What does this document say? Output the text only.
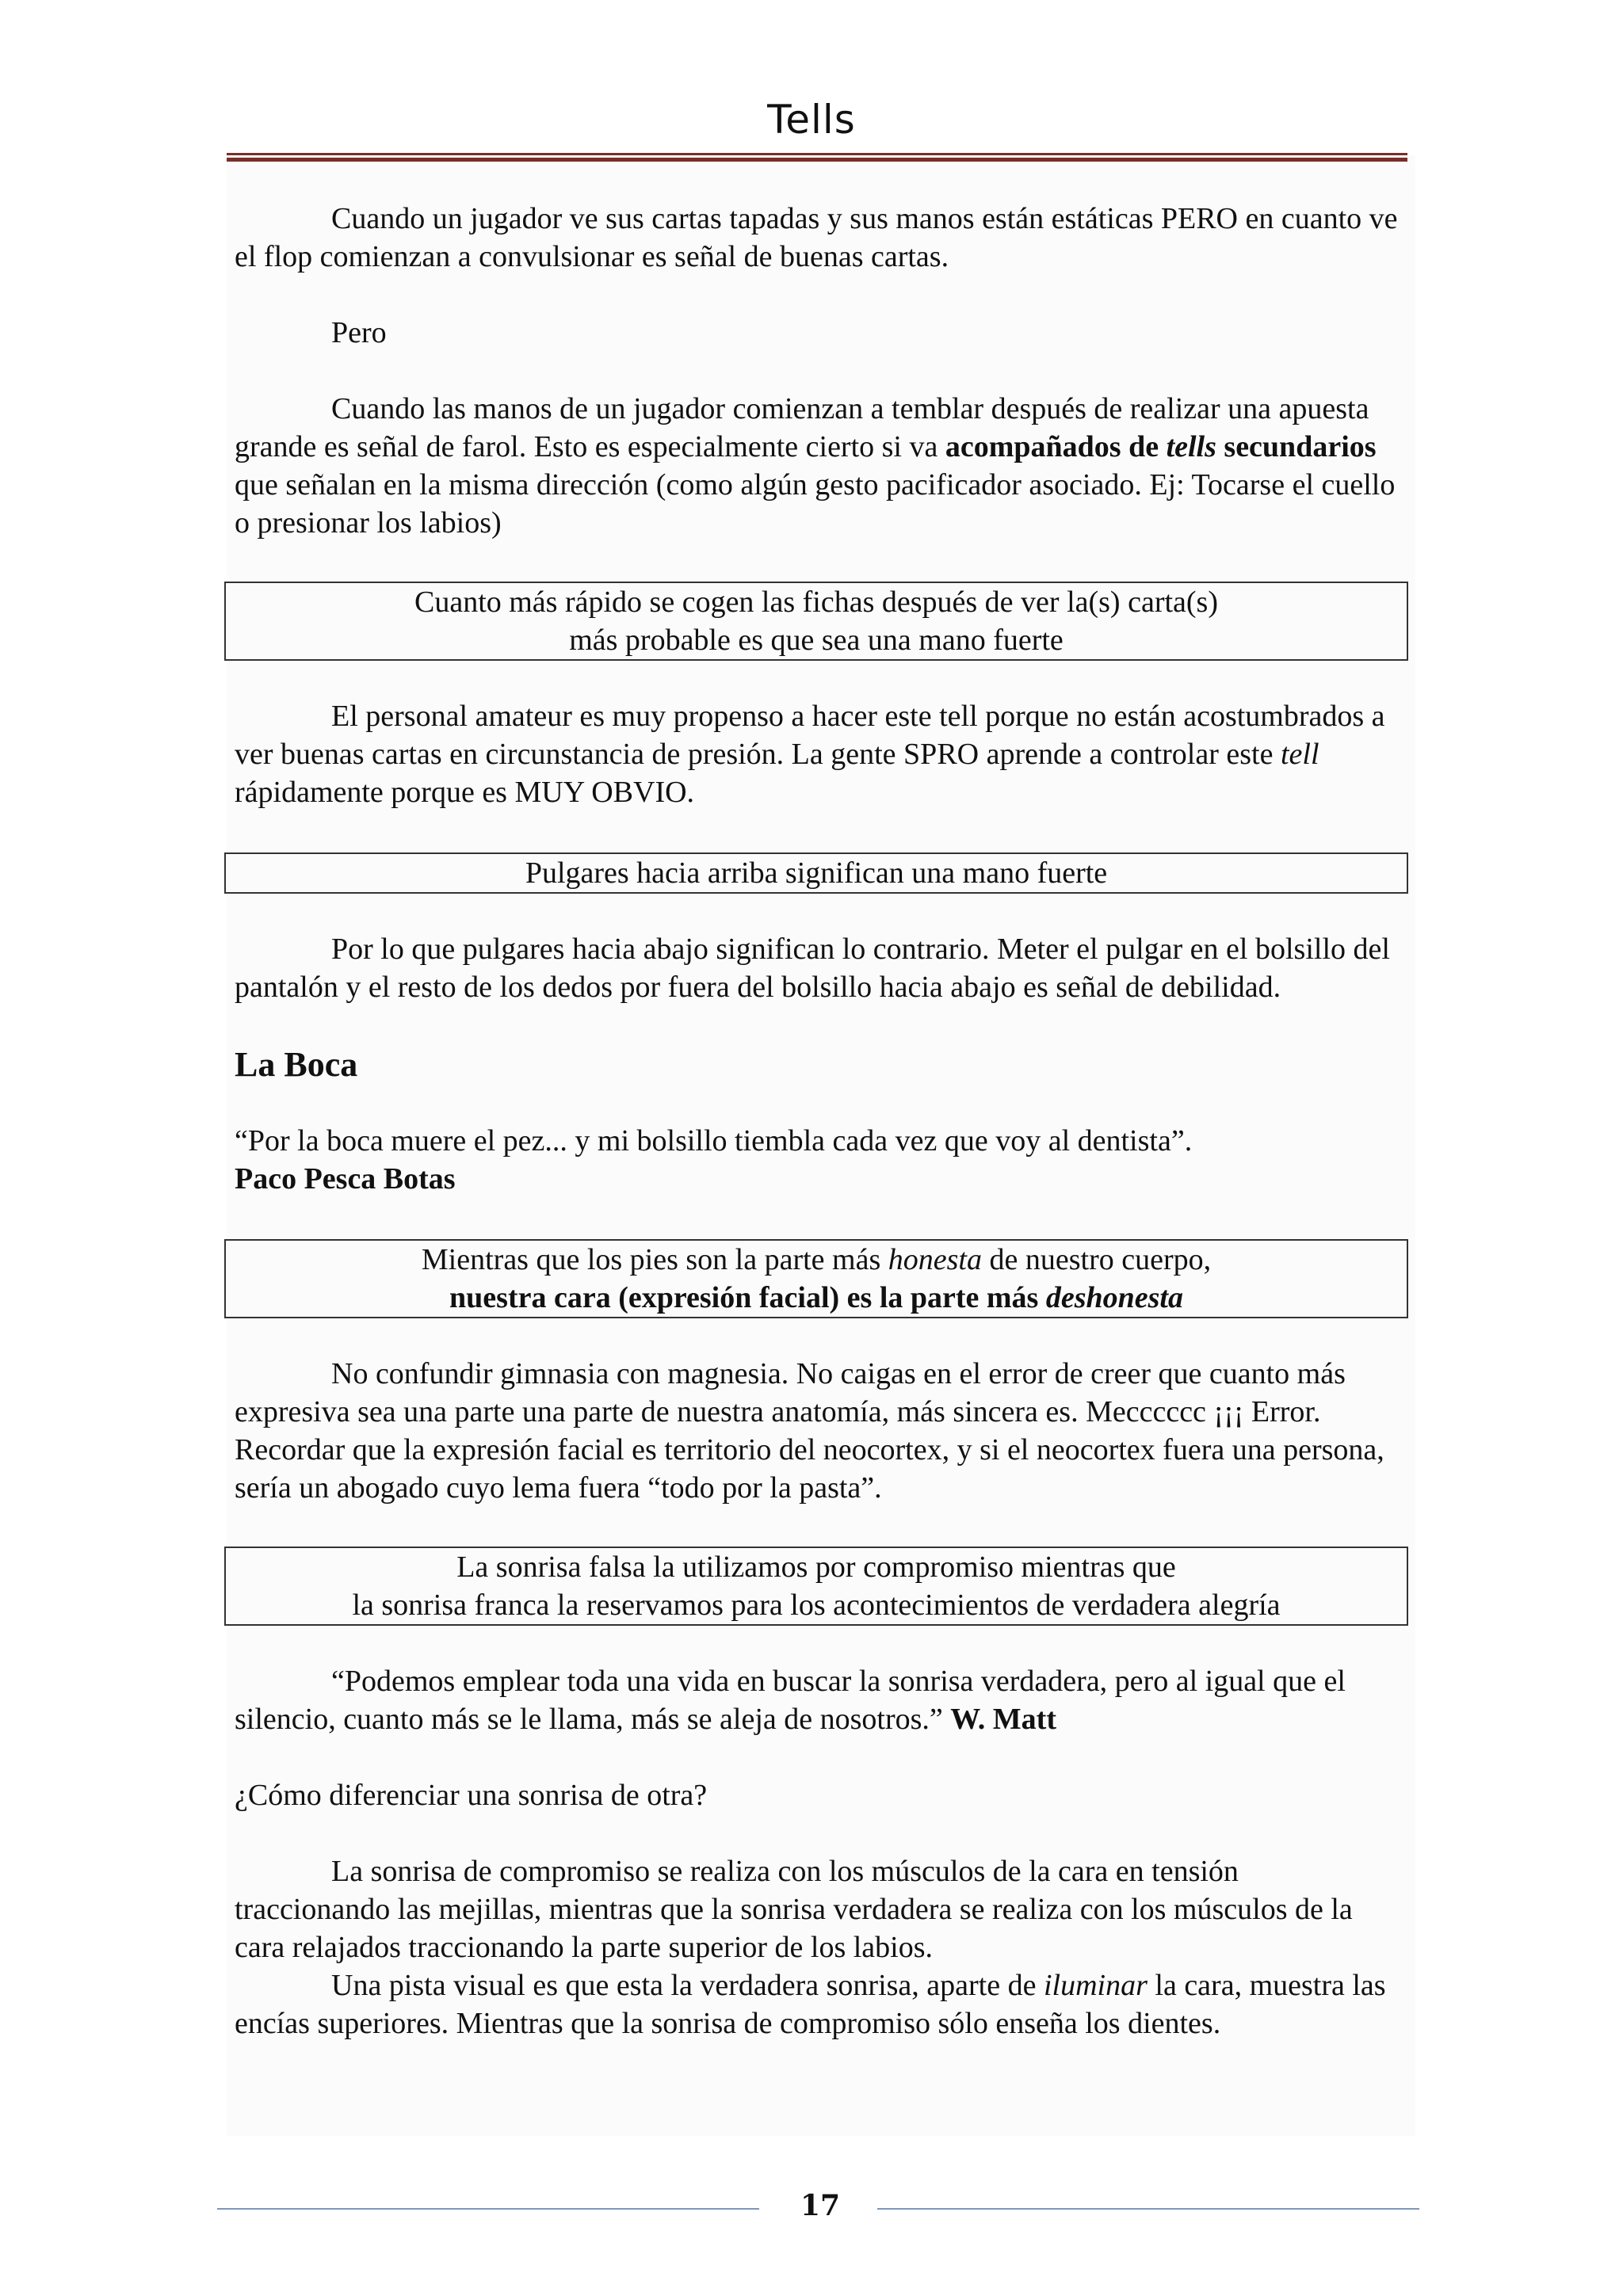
Tells

Cuando un jugador ve sus cartas tapadas y sus manos están estáticas PERO en cuanto ve el flop comienzan a convulsionar es señal de buenas cartas.

Pero

Cuando las manos de un jugador comienzan a temblar después de realizar una apuesta grande es señal de farol. Esto es especialmente cierto si va acompañados de tells secundarios que señalan en la misma dirección (como algún gesto pacificador asociado. Ej: Tocarse el cuello o presionar los labios)

Cuanto más rápido se cogen las fichas después de ver la(s) carta(s)
más probable es que sea una mano fuerte

El personal amateur es muy propenso a hacer este tell porque no están acostumbrados a ver buenas cartas en circunstancia de presión. La gente SPRO aprende a controlar este tell rápidamente porque es MUY OBVIO.

Pulgares hacia arriba significan una mano fuerte

Por lo que pulgares hacia abajo significan lo contrario. Meter el pulgar en el bolsillo del pantalón y el resto de los dedos por fuera del bolsillo hacia abajo es señal de debilidad.

La Boca

“Por la boca muere el pez... y mi bolsillo tiembla cada vez que voy al dentista”.

Paco Pesca Botas

Mientras que los pies son la parte más honesta de nuestro cuerpo,
nuestra cara (expresión facial) es la parte más deshonesta

No confundir gimnasia con magnesia. No caigas en el error de creer que cuanto más expresiva sea una parte una parte de nuestra anatomía, más sincera es. Mecccccc ¡¡¡ Error. Recordar que la expresión facial es territorio del neocortex, y si el neocortex fuera una persona, sería un abogado cuyo lema fuera “todo por la pasta”.

La sonrisa falsa la utilizamos por compromiso mientras que
la sonrisa franca la reservamos para los acontecimientos de verdadera alegría

“Podemos emplear toda una vida en buscar la sonrisa verdadera, pero al igual que el silencio, cuanto más se le llama, más se aleja de nosotros.” W. Matt

¿Cómo diferenciar una sonrisa de otra?

La sonrisa de compromiso se realiza con los músculos de la cara en tensión traccionando las mejillas, mientras que la sonrisa verdadera se realiza con los músculos de la cara relajados traccionando la parte superior de los labios.

Una pista visual es que esta la verdadera sonrisa, aparte de iluminar la cara, muestra las encías superiores. Mientras que la sonrisa de compromiso sólo enseña los dientes.

17
